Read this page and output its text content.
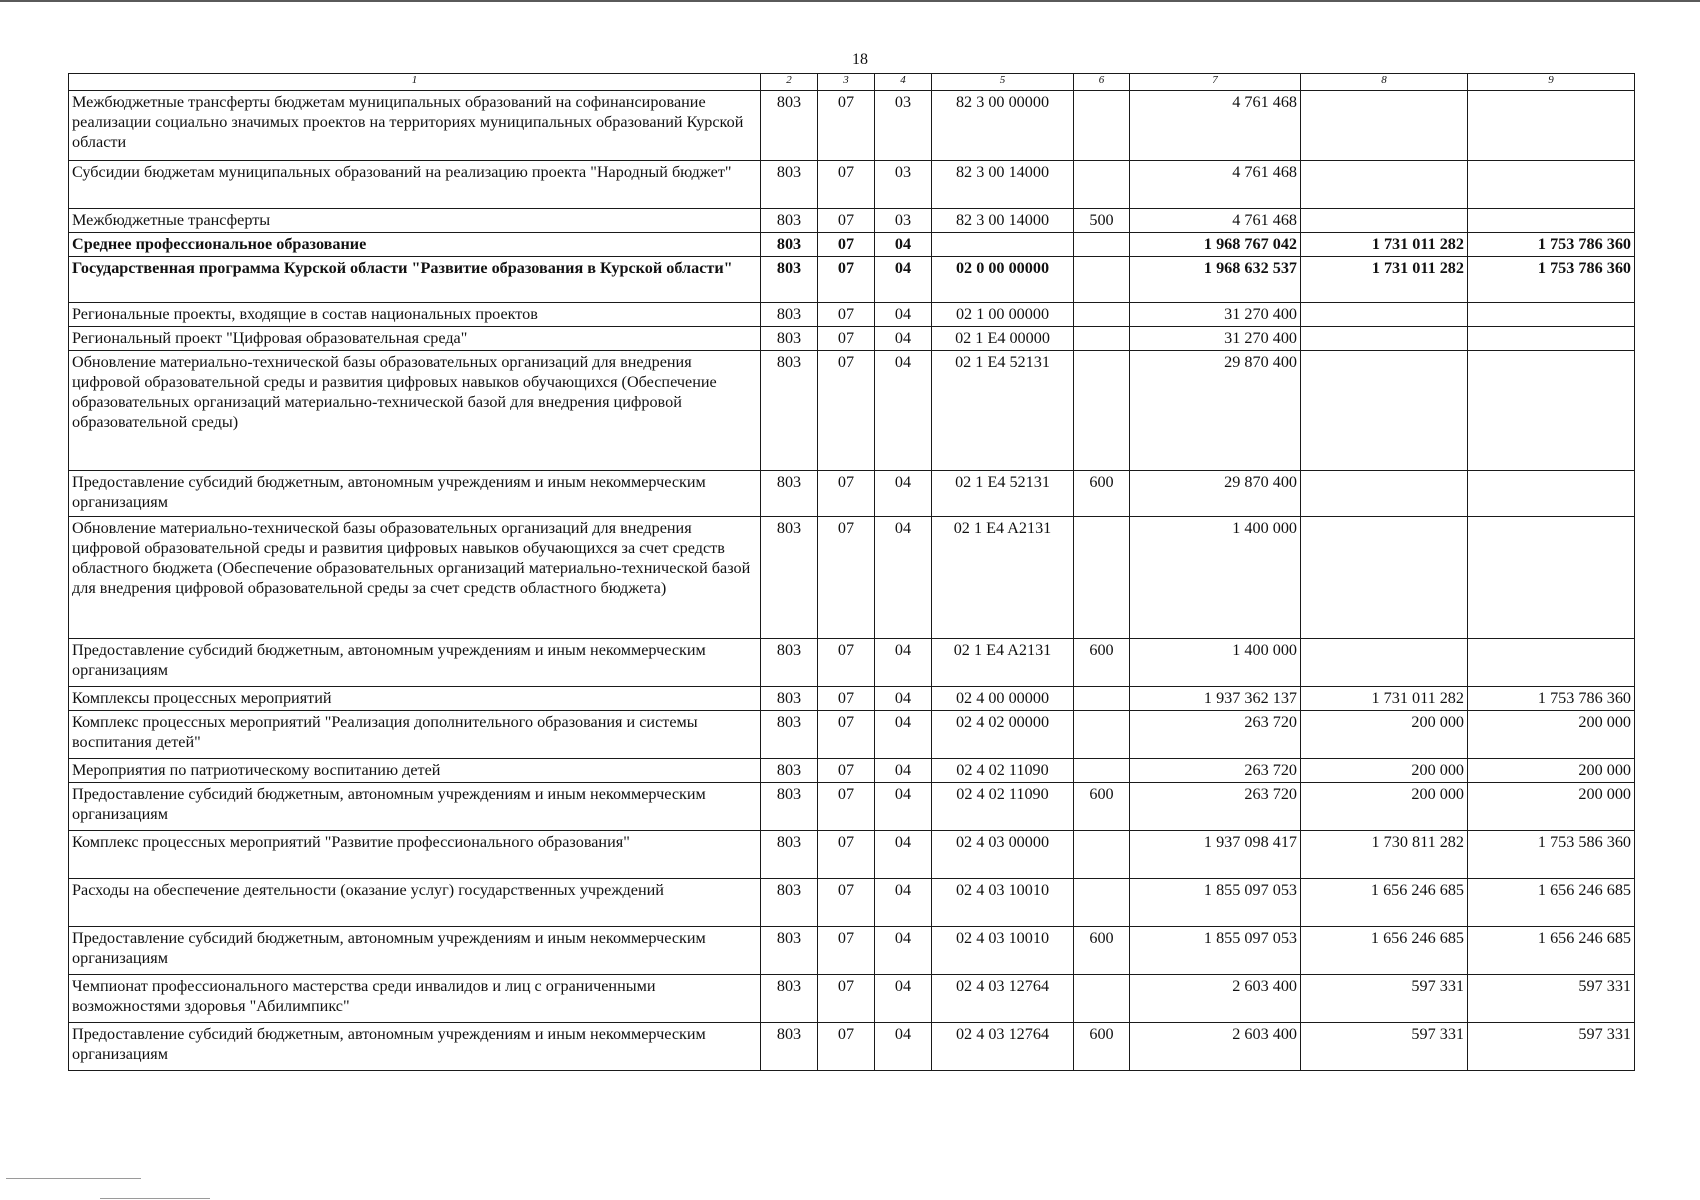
18
1	2	3	4	5	6	7	8	9
Межбюджетные трансферты бюджетам муниципальных образований на софинансирование реализации социально значимых проектов на территориях муниципальных образований Курской области	803	07	03	82 3 00 00000		4 761 468		
Субсидии бюджетам муниципальных образований на реализацию проекта "Народный бюджет"	803	07	03	82 3 00 14000		4 761 468		
Межбюджетные трансферты	803	07	03	82 3 00 14000	500	4 761 468		
Среднее профессиональное образование	803	07	04			1 968 767 042	1 731 011 282	1 753 786 360
Государственная программа Курской области "Развитие образования в Курской области"	803	07	04	02 0 00 00000		1 968 632 537	1 731 011 282	1 753 786 360
Региональные проекты, входящие в состав национальных проектов	803	07	04	02 1 00 00000		31 270 400		
Региональный проект "Цифровая образовательная среда"	803	07	04	02 1 E4 00000		31 270 400		
Обновление материально-технической базы образовательных организаций для внедрения цифровой образовательной среды и развития цифровых навыков обучающихся (Обеспечение образовательных организаций материально-технической базой для внедрения цифровой образовательной среды)	803	07	04	02 1 E4 52131		29 870 400		
Предоставление субсидий бюджетным, автономным учреждениям и иным некоммерческим организациям	803	07	04	02 1 E4 52131	600	29 870 400		
Обновление материально-технической базы образовательных организаций для внедрения цифровой образовательной среды и развития цифровых навыков обучающихся за счет средств областного бюджета (Обеспечение образовательных организаций материально-технической базой для внедрения цифровой образовательной среды за счет средств областного бюджета)	803	07	04	02 1 E4 A2131		1 400 000		
Предоставление субсидий бюджетным, автономным учреждениям и иным некоммерческим организациям	803	07	04	02 1 E4 A2131	600	1 400 000		
Комплексы процессных мероприятий	803	07	04	02 4 00 00000		1 937 362 137	1 731 011 282	1 753 786 360
Комплекс процессных мероприятий "Реализация дополнительного образования и системы воспитания детей"	803	07	04	02 4 02 00000		263 720	200 000	200 000
Мероприятия по патриотическому воспитанию детей	803	07	04	02 4 02 11090		263 720	200 000	200 000
Предоставление субсидий бюджетным, автономным учреждениям и иным некоммерческим организациям	803	07	04	02 4 02 11090	600	263 720	200 000	200 000
Комплекс процессных мероприятий "Развитие профессионального образования"	803	07	04	02 4 03 00000		1 937 098 417	1 730 811 282	1 753 586 360
Расходы на обеспечение деятельности (оказание услуг) государственных учреждений	803	07	04	02 4 03 10010		1 855 097 053	1 656 246 685	1 656 246 685
Предоставление субсидий бюджетным, автономным учреждениям и иным некоммерческим организациям	803	07	04	02 4 03 10010	600	1 855 097 053	1 656 246 685	1 656 246 685
Чемпионат профессионального мастерства среди инвалидов и лиц с ограниченными возможностями здоровья "Абилимпикс"	803	07	04	02 4 03 12764		2 603 400	597 331	597 331
Предоставление субсидий бюджетным, автономным учреждениям и иным некоммерческим организациям	803	07	04	02 4 03 12764	600	2 603 400	597 331	597 331
